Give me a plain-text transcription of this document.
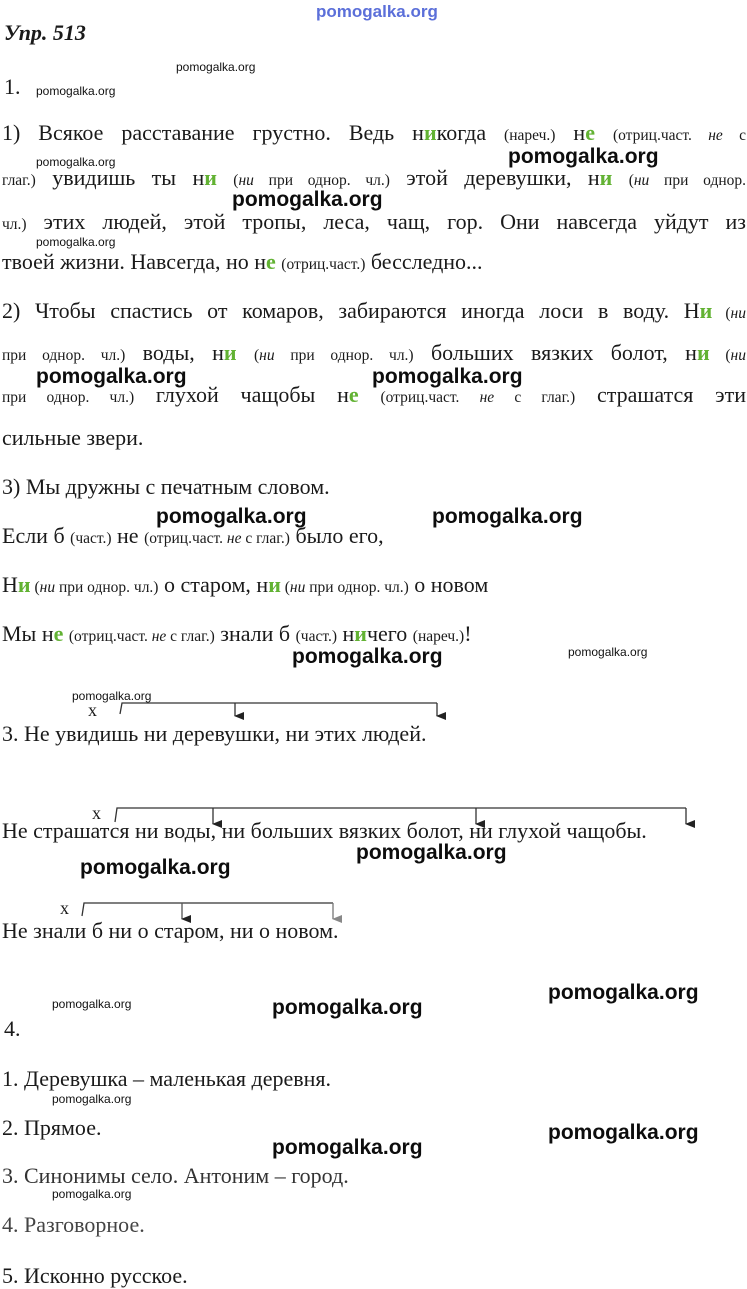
pomogalka.org
Упр. 513
pomogalka.org
1. pomogalka.org
1) Всякое расставание грустно. Ведь никогда (нареч.) не (отриц.част. не с
pomogalka.org	pomogalka.org
глаг.) увидишь ты ни (ни при однор. чл.) этой деревушки, ни (ни при однор.
pomogalka.org
чл.) этих людей, этой тропы, леса, чащ, гор. Они навсегда уйдут из
pomogalka.org
твоей жизни. Навсегда, но не (отриц.част.) бесследно...
2) Чтобы спастись от комаров, забираются иногда лоси в воду. Ни (ни
при однор. чл.) воды, ни (ни при однор. чл.) больших вязких болот, ни (ни
pomogalka.org	pomogalka.org
при однор. чл.) глухой чащобы не (отриц.част. не с глаг.) страшатся эти
сильные звери.
3) Мы дружны с печатным словом.
pomogalka.org	pomogalka.org
Если б (част.) не (отриц.част. не с глаг.) было его,
Ни (ни при однор. чл.) о старом, ни (ни при однор. чл.) о новом
Мы не (отриц.част. не с глаг.) знали б (част.) ничего (нареч.)!
pomogalka.org	pomogalka.org
pomogalka.org
x
3. Не увидишь ни деревушки, ни этих людей.
x
Не страшатся ни воды, ни больших вязких болот, ни глухой чащобы.
pomogalka.org
pomogalka.org
x
Не знали б ни о старом, ни о новом.
pomogalka.org
pomogalka.org	pomogalka.org
4.
1. Деревушка – маленькая деревня.
pomogalka.org
2. Прямое.	pomogalka.org
pomogalka.org
3. Синонимы село. Антоним – город.
pomogalka.org
4. Разговорное.
5. Исконно русское.
